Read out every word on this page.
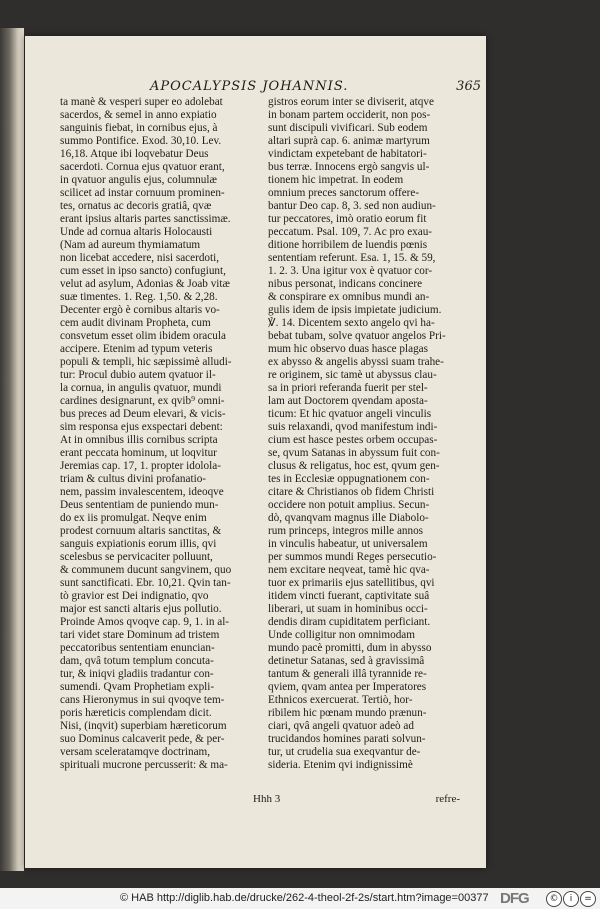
APOCALYPSIS JOHANNIS.	365
ta manè & vesperi super eo adolebat
sacerdos, & semel in anno expiatio
sanguinis fiebat, in cornibus ejus, à
summo Pontifice. Exod. 30,10. Lev.
16,18. Atque ibi loqvebatur Deus
sacerdoti. Cornua ejus qvatuor erant,
in qvatuor angulis ejus, columnulæ
scilicet ad instar cornuum prominen-
tes, ornatus ac decoris gratiâ, qvæ
erant ipsius altaris partes sanctissimæ.
Unde ad cornua altaris Holocausti
(Nam ad aureum thymiamatum
non licebat accedere, nisi sacerdoti,
cum esset in ipso sancto) confugiunt,
velut ad asylum, Adonias & Joab vitæ
suæ timentes. 1. Reg. 1,50. & 2,28.
Decenter ergò è cornibus altaris vo-
cem audit divinam Propheta, cum
consvetum esset olim ibidem oracula
accipere. Etenim ad typum veteris
populi & templi, hic sæpissimè alludi-
tur: Procul dubio autem qvatuor il-
la cornua, in angulis qvatuor, mundi
cardines designarunt, ex qvib⁹ omni-
bus preces ad Deum elevari, & vicis-
sim responsa ejus exspectari debent:
At in omnibus illis cornibus scripta
erant peccata hominum, ut loqvitur
Jeremias cap. 17, 1. propter idolola-
triam & cultus divini profanatio-
nem, passim invalescentem, ideoqve
Deus sententiam de puniendo mun-
do ex iis promulgat. Neqve enim
prodest cornuum altaris sanctitas, &
sanguis expiationis eorum illis, qvi
scelesbus se pervicaciter polluunt,
& communem ducunt sangvinem, quo
sunt sanctificati. Ebr. 10,21. Qvin tan-
tò gravior est Dei indignatio, qvo
major est sancti altaris ejus pollutio.
Proinde Amos qvoqve cap. 9, 1. in al-
tari videt stare Dominum ad tristem
peccatoribus sententiam enuncian-
dam, qvâ totum templum concuta-
tur, & iniqvi gladiis tradantur con-
sumendi. Qvam Prophetiam expli-
cans Hieronymus in sui qvoqve tem-
poris hæreticis complendam dicit.
Nisi, (inqvit) superbiam hæreticorum
suo Dominus calcaverit pede, & per-
versam sceleratamqve doctrinam,
spirituali mucrone percusserit: & ma-
gistros eorum inter se diviserit, atqve
in bonam partem occiderit, non pos-
sunt discipuli vivificari. Sub eodem
altari suprà cap. 6. animæ martyrum
vindictam expetebant de habitatori-
bus terræ. Innocens ergò sangvis ul-
tionem hic impetrat. In eodem
omnium preces sanctorum offere-
bantur Deo cap. 8, 3. sed non audiun-
tur peccatores, imò oratio eorum fit
peccatum. Psal. 109, 7. Ac pro exau-
ditione horribilem de luendis pœnis
sententiam referunt. Esa. 1, 15. & 59,
1. 2. 3. Una igitur vox è qvatuor cor-
nibus personat, indicans concinere
& conspirare ex omnibus mundi an-
gulis idem de ipsis impietate judicium.
℣. 14. Dicentem sexto angelo qvi ha-
bebat tubam, solve qvatuor angelos Pri-
mum hic observo duas hasce plagas
ex abysso & angelis abyssi suam trahe-
re originem, sic tamè ut abyssus clau-
sa in priori referanda fuerit per stel-
lam aut Doctorem qvendam aposta-
ticum: Et hic qvatuor angeli vinculis
suis relaxandi, qvod manifestum indi-
cium est hasce pestes orbem occupas-
se, qvum Satanas in abyssum fuit con-
clusus & religatus, hoc est, qvum gen-
tes in Ecclesiæ oppugnationem con-
citare & Christianos ob fidem Christi
occidere non potuit amplius. Secun-
dò, qvanqvam magnus ille Diabolo-
rum princeps, integros mille annos
in vinculis habeatur, ut universalem
per summos mundi Reges persecutio-
nem excitare neqveat, tamè hic qva-
tuor ex primariis ejus satellitibus, qvi
itidem vincti fuerant, captivitate suâ
liberari, ut suam in hominibus occi-
dendis diram cupiditatem perficiant.
Unde colligitur non omnimodam
mundo pacè promitti, dum in abysso
detinetur Satanas, sed à gravissimâ
tantum & generali illâ tyrannide re-
qviem, qvam antea per Imperatores
Ethnicos exercuerat. Tertiò, hor-
ribilem hic pœnam mundo prænun-
ciari, qvâ angeli qvatuor adeò ad
trucidandos homines parati solvun-
tur, ut crudelia sua exeqvantur de-
sideria. Etenim qvi indignissimè
Hhh 3	refre-
© HAB http://diglib.hab.de/drucke/262-4-theol-2f-2s/start.htm?image=00377 DFG	©	i	=
